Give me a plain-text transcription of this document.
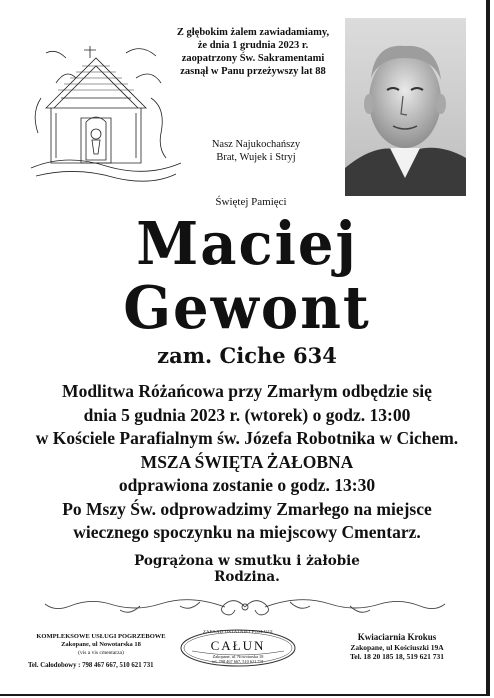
Z głębokim żalem zawiadamiamy,
że dnia 1 grudnia 2023 r.
zaopatrzony Św. Sakramentami
zasnął w Panu przeżywszy lat 88
Nasz Najukochańszy
Brat, Wujek i Stryj
Świętej Pamięci
Maciej
Gewont
zam. Ciche 634
Modlitwa Różańcowa przy Zmarłym odbędzie się
dnia 5 gudnia 2023 r. (wtorek) o godz. 13:00
w Kościele Parafialnym św. Józefa Robotnika w Cichem.
MSZA ŚWIĘTA ŻAŁOBNA
odprawiona zostanie o godz. 13:30
Po Mszy Św. odprowadzimy Zmarłego na miejsce
wiecznego spoczynku na miejscowy Cmentarz.
Pogrążona w smutku i żałobie
Rodzina.
KOMPLEKSOWE USŁUGI POGRZEBOWE
Zakopane, ul Nowotarska 18
(vis a vis cmentarza)
Tel. Całodobowy : 798 467 667, 510 621 731
ZAKŁAD OSTATNIEJ POSŁUGI
CAŁUN
Zakopane, ul. Nowotarska 18
tel. 798 467 667, 510 621 731
Kwiaciarnia Krokus
Zakopane, ul Kościuszki 19A
Tel. 18 20 185 18, 519 621 731
